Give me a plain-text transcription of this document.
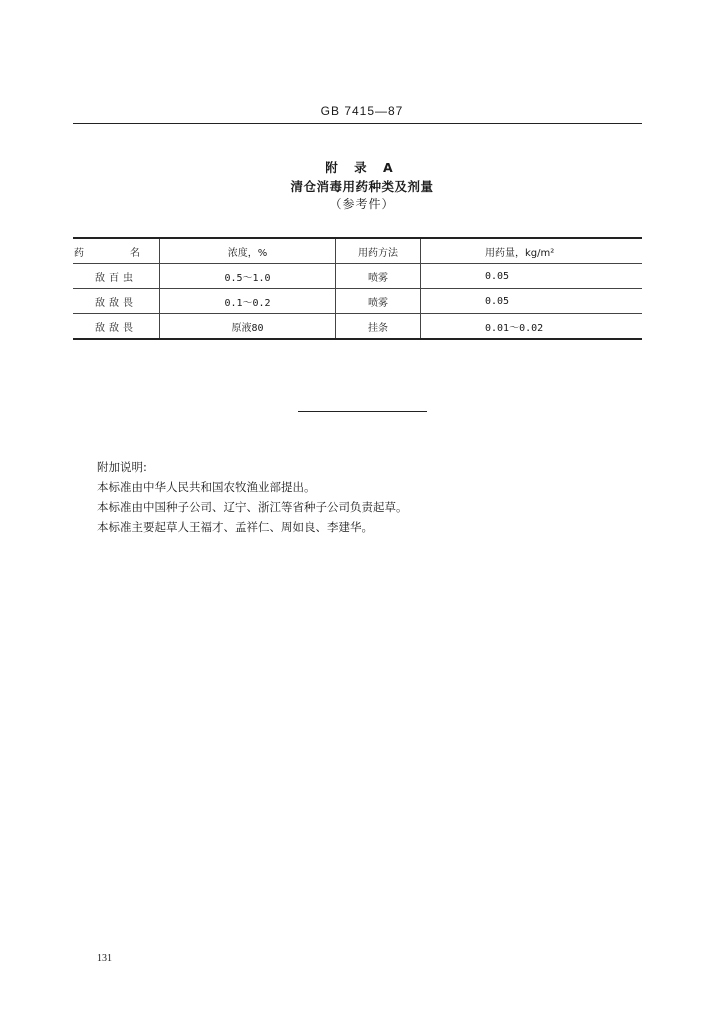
GB 7415—87
附 录 A
清仓消毒用药种类及剂量
（参考件）
药　名	浓度，%	用药方法	用药量，kg/m²
敌百虫	0.5～1.0	喷雾	0.05
敌敌畏	0.1～0.2	喷雾	0.05
敌敌畏	原液80	挂条	0.01～0.02
附加说明:
本标准由中华人民共和国农牧渔业部提出。
本标准由中国种子公司、辽宁、浙江等省种子公司负责起草。
本标准主要起草人王福才、孟祥仁、周如良、李建华。
131
